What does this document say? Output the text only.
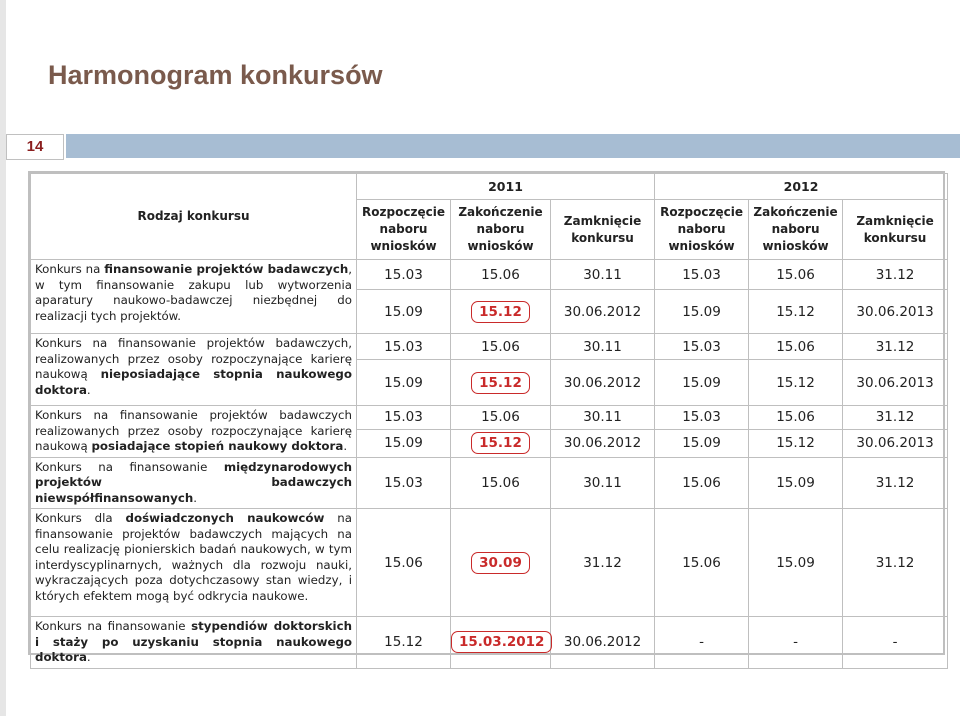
Harmonogram konkursów
14
Rodzaj konkursu	2011			2012		
	Rozpoczęcie naboru wniosków	Zakończenie naboru wniosków	Zamknięcie konkursu	Rozpoczęcie naboru wniosków	Zakończenie naboru wniosków	Zamknięcie konkursu
Konkurs na finansowanie projektów badawczych, w tym finansowanie zakupu lub wytworzenia aparatury naukowo-badawczej niezbędnej do realizacji tych projektów.	15.03	15.06	30.11	15.03	15.06	31.12
	15.09	15.12	30.06.2012	15.09	15.12	30.06.2013
Konkurs na finansowanie projektów badawczych, realizowanych przez osoby rozpoczynające karierę naukową nieposiadające stopnia naukowego doktora.	15.03	15.06	30.11	15.03	15.06	31.12
	15.09	15.12	30.06.2012	15.09	15.12	30.06.2013
Konkurs na finansowanie projektów badawczych realizowanych przez osoby rozpoczynające karierę naukową posiadające stopień naukowy doktora.	15.03	15.06	30.11	15.03	15.06	31.12
	15.09	15.12	30.06.2012	15.09	15.12	30.06.2013
Konkurs na finansowanie międzynarodowych projektów badawczych niewspółfinansowanych.	15.03	15.06	30.11	15.06	15.09	31.12
Konkurs dla doświadczonych naukowców na finansowanie projektów badawczych mających na celu realizację pionierskich badań naukowych, w tym interdyscyplinarnych, ważnych dla rozwoju nauki, wykraczających poza dotychczasowy stan wiedzy, i których efektem mogą być odkrycia naukowe.	15.06	30.09	31.12	15.06	15.09	31.12
Konkurs na finansowanie stypendiów doktorskich i staży po uzyskaniu stopnia naukowego doktora.	15.12	15.03.2012	30.06.2012	-	-	-
